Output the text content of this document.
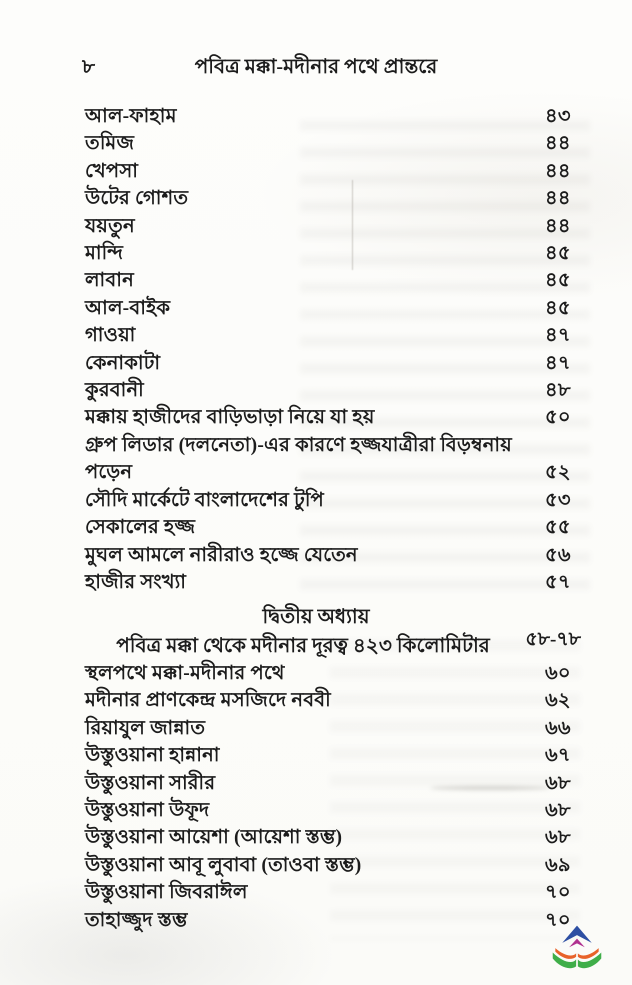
৮	পবিত্র মক্কা-মদীনার পথে প্রান্তরে
আল-ফাহাম	৪৩
তমিজ	৪৪
খেপসা	৪৪
উটের গোশত	৪৪
যয়তুন	৪৪
মান্দি	৪৫
লাবান	৪৫
আল-বাইক	৪৫
গাওয়া	৪৭
কেনাকাটা	৪৭
কুরবানী	৪৮
মক্কায় হাজীদের বাড়িভাড়া নিয়ে যা হয়	৫০
গ্রুপ লিডার (দলনেতা)-এর কারণে হজ্জযাত্রীরা বিড়ম্বনায় পড়েন	৫২
সৌদি মার্কেটে বাংলাদেশের টুপি	৫৩
সেকালের হজ্জ	৫৫
মুঘল আমলে নারীরাও হজ্জে যেতেন	৫৬
হাজীর সংখ্যা	৫৭
দ্বিতীয় অধ্যায়
পবিত্র মক্কা থেকে মদীনার দূরত্ব ৪২৩ কিলোমিটার	৫৮-৭৮
স্থলপথে মক্কা-মদীনার পথে	৬০
মদীনার প্রাণকেন্দ্র মসজিদে নববী	৬২
রিয়াযুল জান্নাত	৬৬
উস্তুওয়ানা হান্নানা	৬৭
উস্তুওয়ানা সারীর	৬৮
উস্তুওয়ানা উফূদ	৬৮
উস্তুওয়ানা আয়েশা (আয়েশা স্তম্ভ)	৬৮
উস্তুওয়ানা আবূ লুবাবা (তাওবা স্তম্ভ)	৬৯
উস্তুওয়ানা জিবরাঈল	৭০
তাহাজ্জুদ স্তম্ভ	৭০
